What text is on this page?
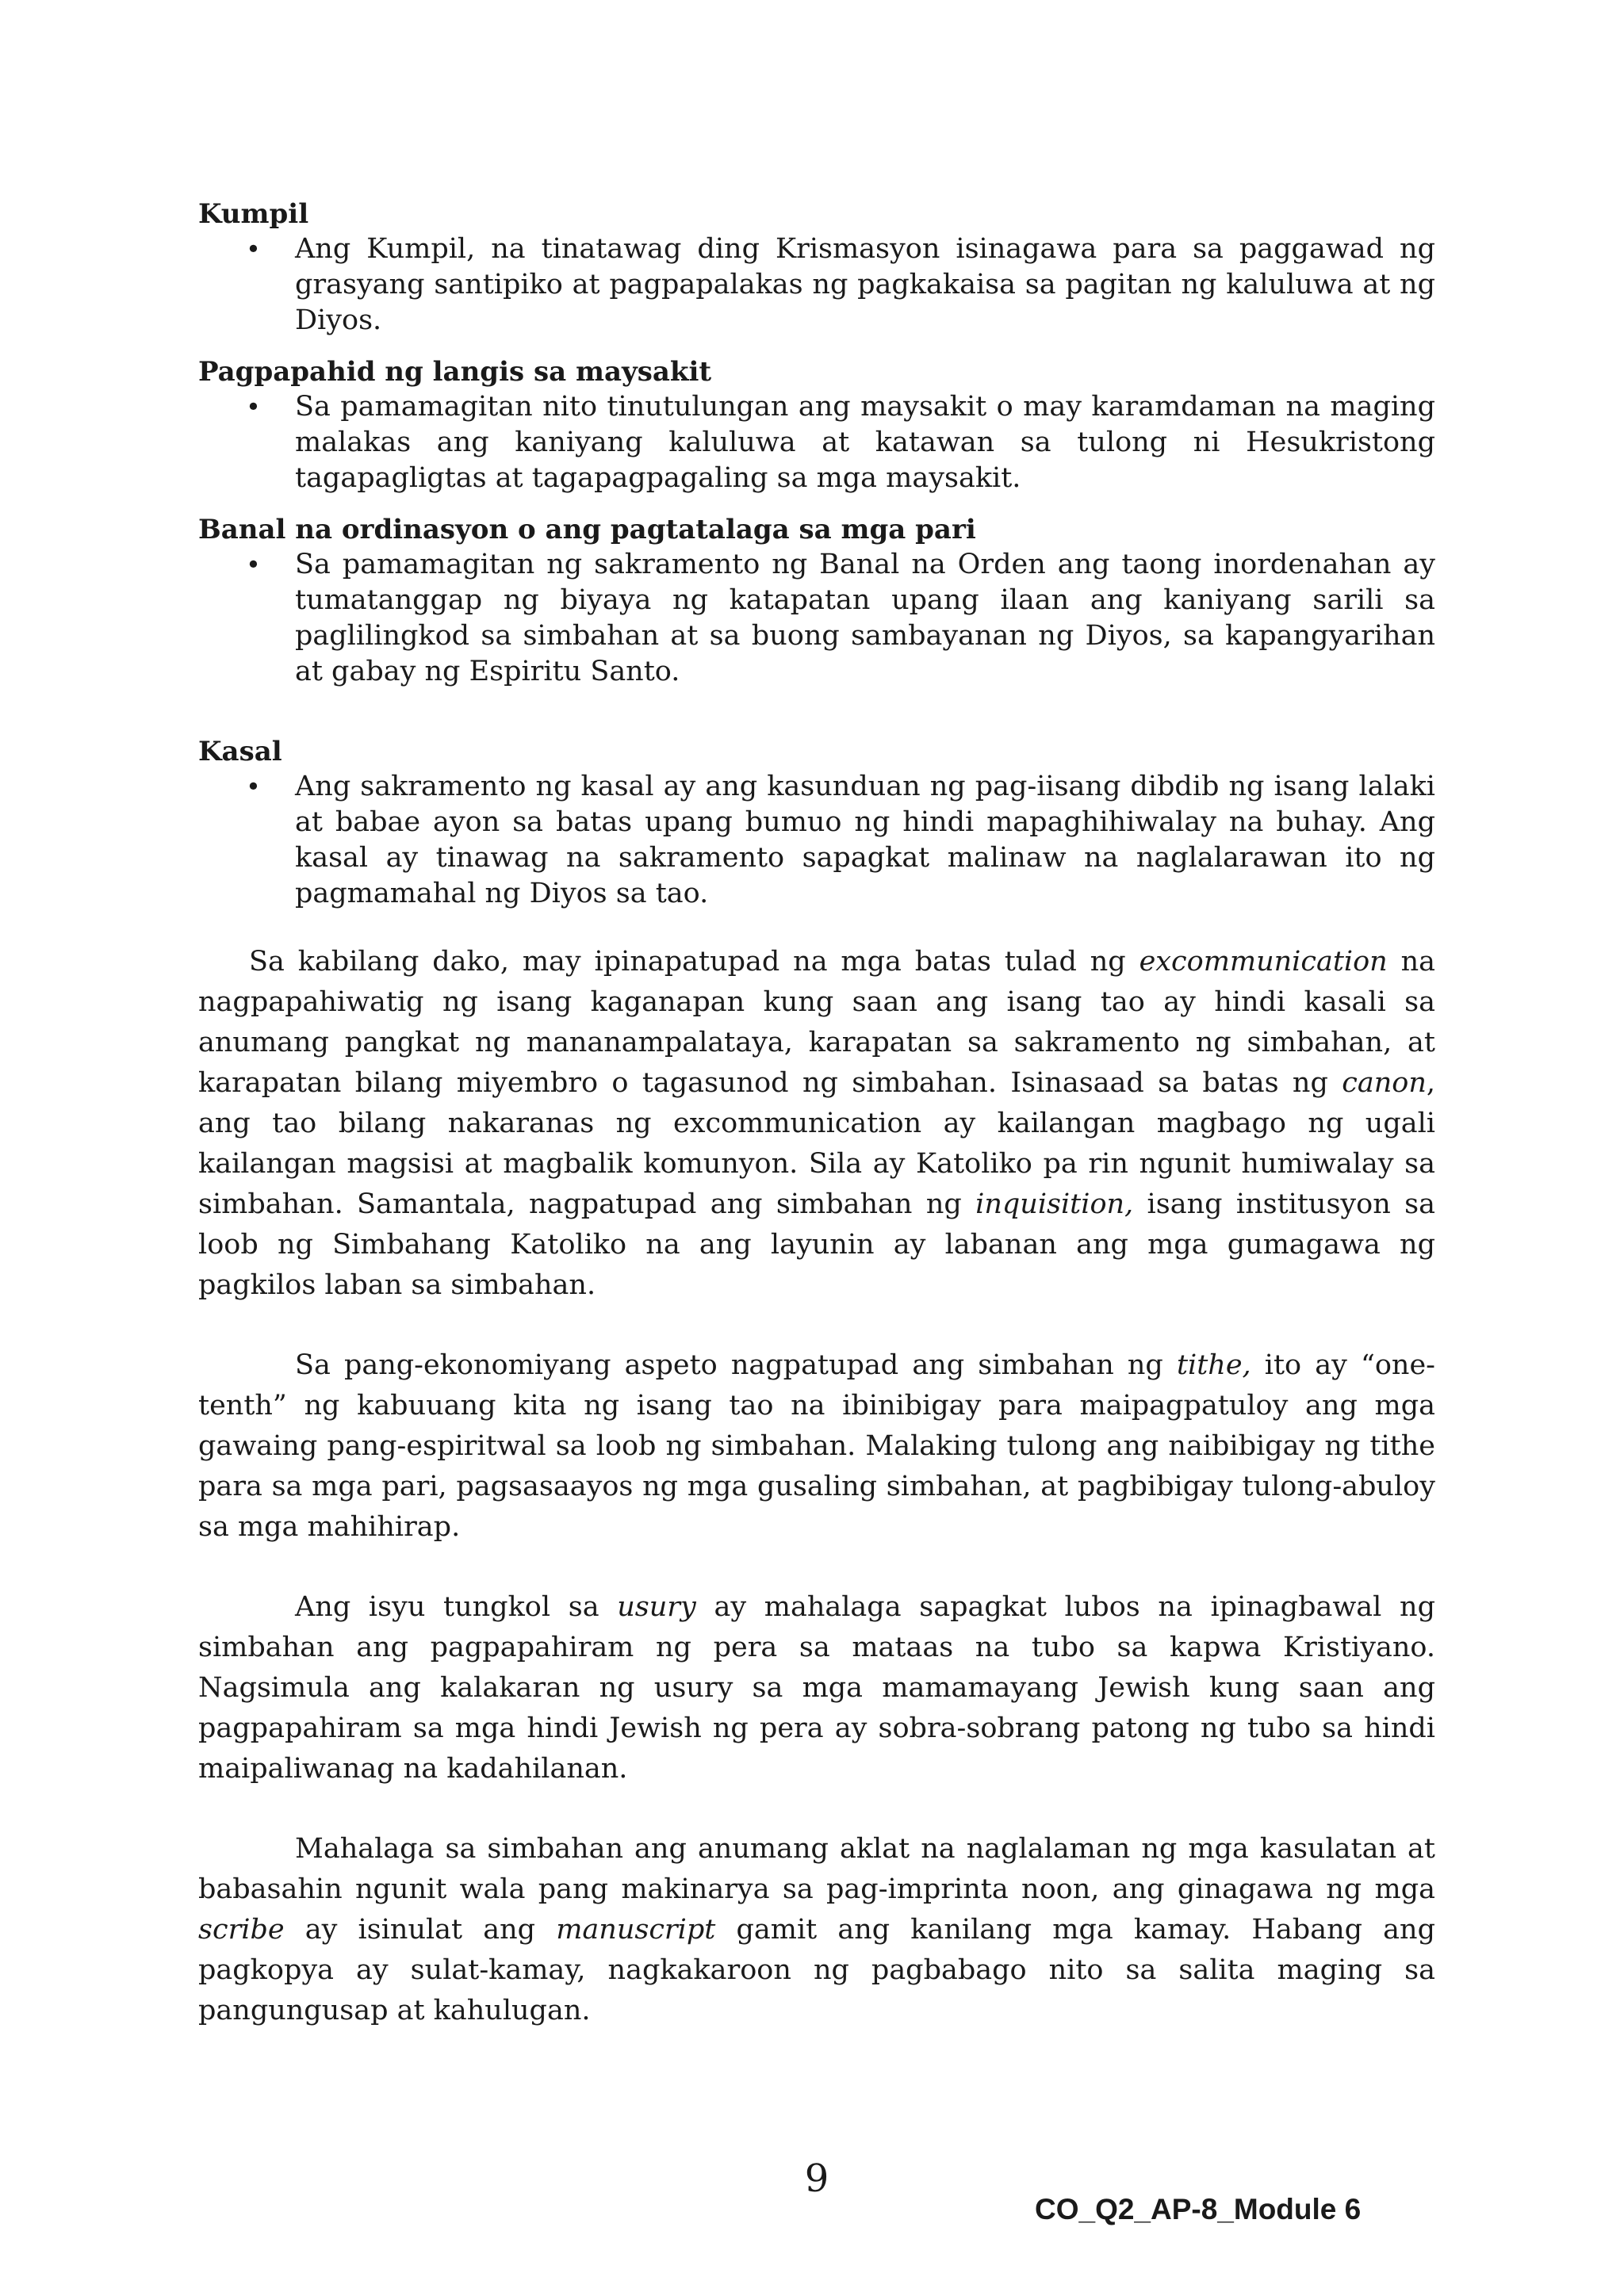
Kumpil
•	Ang Kumpil, na tinatawag ding Krismasyon isinagawa para sa paggawad ng grasyang santipiko at pagpapalakas ng pagkakaisa sa pagitan ng kaluluwa at ng Diyos.
Pagpapahid ng langis sa maysakit
•	Sa pamamagitan nito tinutulungan ang maysakit o may karamdaman na maging malakas ang kaniyang kaluluwa at katawan sa tulong ni Hesukristong tagapagligtas at tagapagpagaling sa mga maysakit.
Banal na ordinasyon o ang pagtatalaga sa mga pari
•	Sa pamamagitan ng sakramento ng Banal na Orden ang taong inordenahan ay tumatanggap ng biyaya ng katapatan upang ilaan ang kaniyang sarili sa paglilingkod sa simbahan at sa buong sambayanan ng Diyos, sa kapangyarihan at gabay ng Espiritu Santo.
Kasal
•	Ang sakramento ng kasal ay ang kasunduan ng pag-iisang dibdib ng isang lalaki at babae ayon sa batas upang bumuo ng hindi mapaghihiwalay na buhay. Ang kasal ay tinawag na sakramento sapagkat malinaw na naglalarawan ito ng pagmamahal ng Diyos sa tao.

Sa kabilang dako, may ipinapatupad na mga batas tulad ng excommunication na nagpapahiwatig ng isang kaganapan kung saan ang isang tao ay hindi kasali sa anumang pangkat ng mananampalataya, karapatan sa sakramento ng simbahan, at karapatan bilang miyembro o tagasunod ng simbahan. Isinasaad sa batas ng canon, ang tao bilang nakaranas ng excommunication ay kailangan magbago ng ugali kailangan magsisi at magbalik komunyon. Sila ay Katoliko pa rin ngunit humiwalay sa simbahan. Samantala, nagpatupad ang simbahan ng inquisition, isang institusyon sa loob ng Simbahang Katoliko na ang layunin ay labanan ang mga gumagawa ng pagkilos laban sa simbahan.

Sa pang-ekonomiyang aspeto nagpatupad ang simbahan ng tithe, ito ay “one-tenth” ng kabuuang kita ng isang tao na ibinibigay para maipagpatuloy ang mga gawaing pang-espiritwal sa loob ng simbahan. Malaking tulong ang naibibigay ng tithe para sa mga pari, pagsasaayos ng mga gusaling simbahan, at pagbibigay tulong-abuloy sa mga mahihirap.

Ang isyu tungkol sa usury ay mahalaga sapagkat lubos na ipinagbawal ng simbahan ang pagpapahiram ng pera sa mataas na tubo sa kapwa Kristiyano. Nagsimula ang kalakaran ng usury sa mga mamamayang Jewish kung saan ang pagpapahiram sa mga hindi Jewish ng pera ay sobra-sobrang patong ng tubo sa hindi maipaliwanag na kadahilanan.

Mahalaga sa simbahan ang anumang aklat na naglalaman ng mga kasulatan at babasahin ngunit wala pang makinarya sa pag-imprinta noon, ang ginagawa ng mga scribe ay isinulat ang manuscript gamit ang kanilang mga kamay. Habang ang pagkopya ay sulat-kamay, nagkakaroon ng pagbabago nito sa salita maging sa pangungusap at kahulugan.

9
CO_Q2_AP-8_Module 6
